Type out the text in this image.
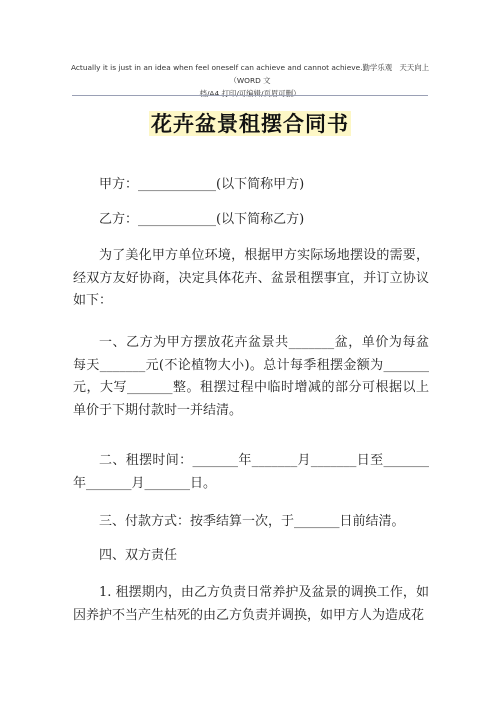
Actually it is just in an idea when feel oneself can achieve and cannot achieve.勤学乐观　天天向上（WORD 文
档/A4 打印/可编辑/页眉可删）
花卉盆景租摆合同书
甲方：____________(以下简称甲方)
乙方：____________(以下简称乙方)
为了美化甲方单位环境，根据甲方实际场地摆设的需要，经双方友好协商，决定具体花卉、盆景租摆事宜，并订立协议如下：
一、乙方为甲方摆放花卉盆景共_______盆，单价为每盆每天_______元(不论植物大小)。总计每季租摆金额为_______元，大写_______整。租摆过程中临时增减的部分可根据以上单价于下期付款时一并结清。
二、租摆时间：_______年_______月_______日至_______年_______月_______日。
三、付款方式：按季结算一次，于_______日前结清。
四、双方责任
1. 租摆期内，由乙方负责日常养护及盆景的调换工作，如因养护不当产生枯死的由乙方负责并调换，如甲方人为造成花
